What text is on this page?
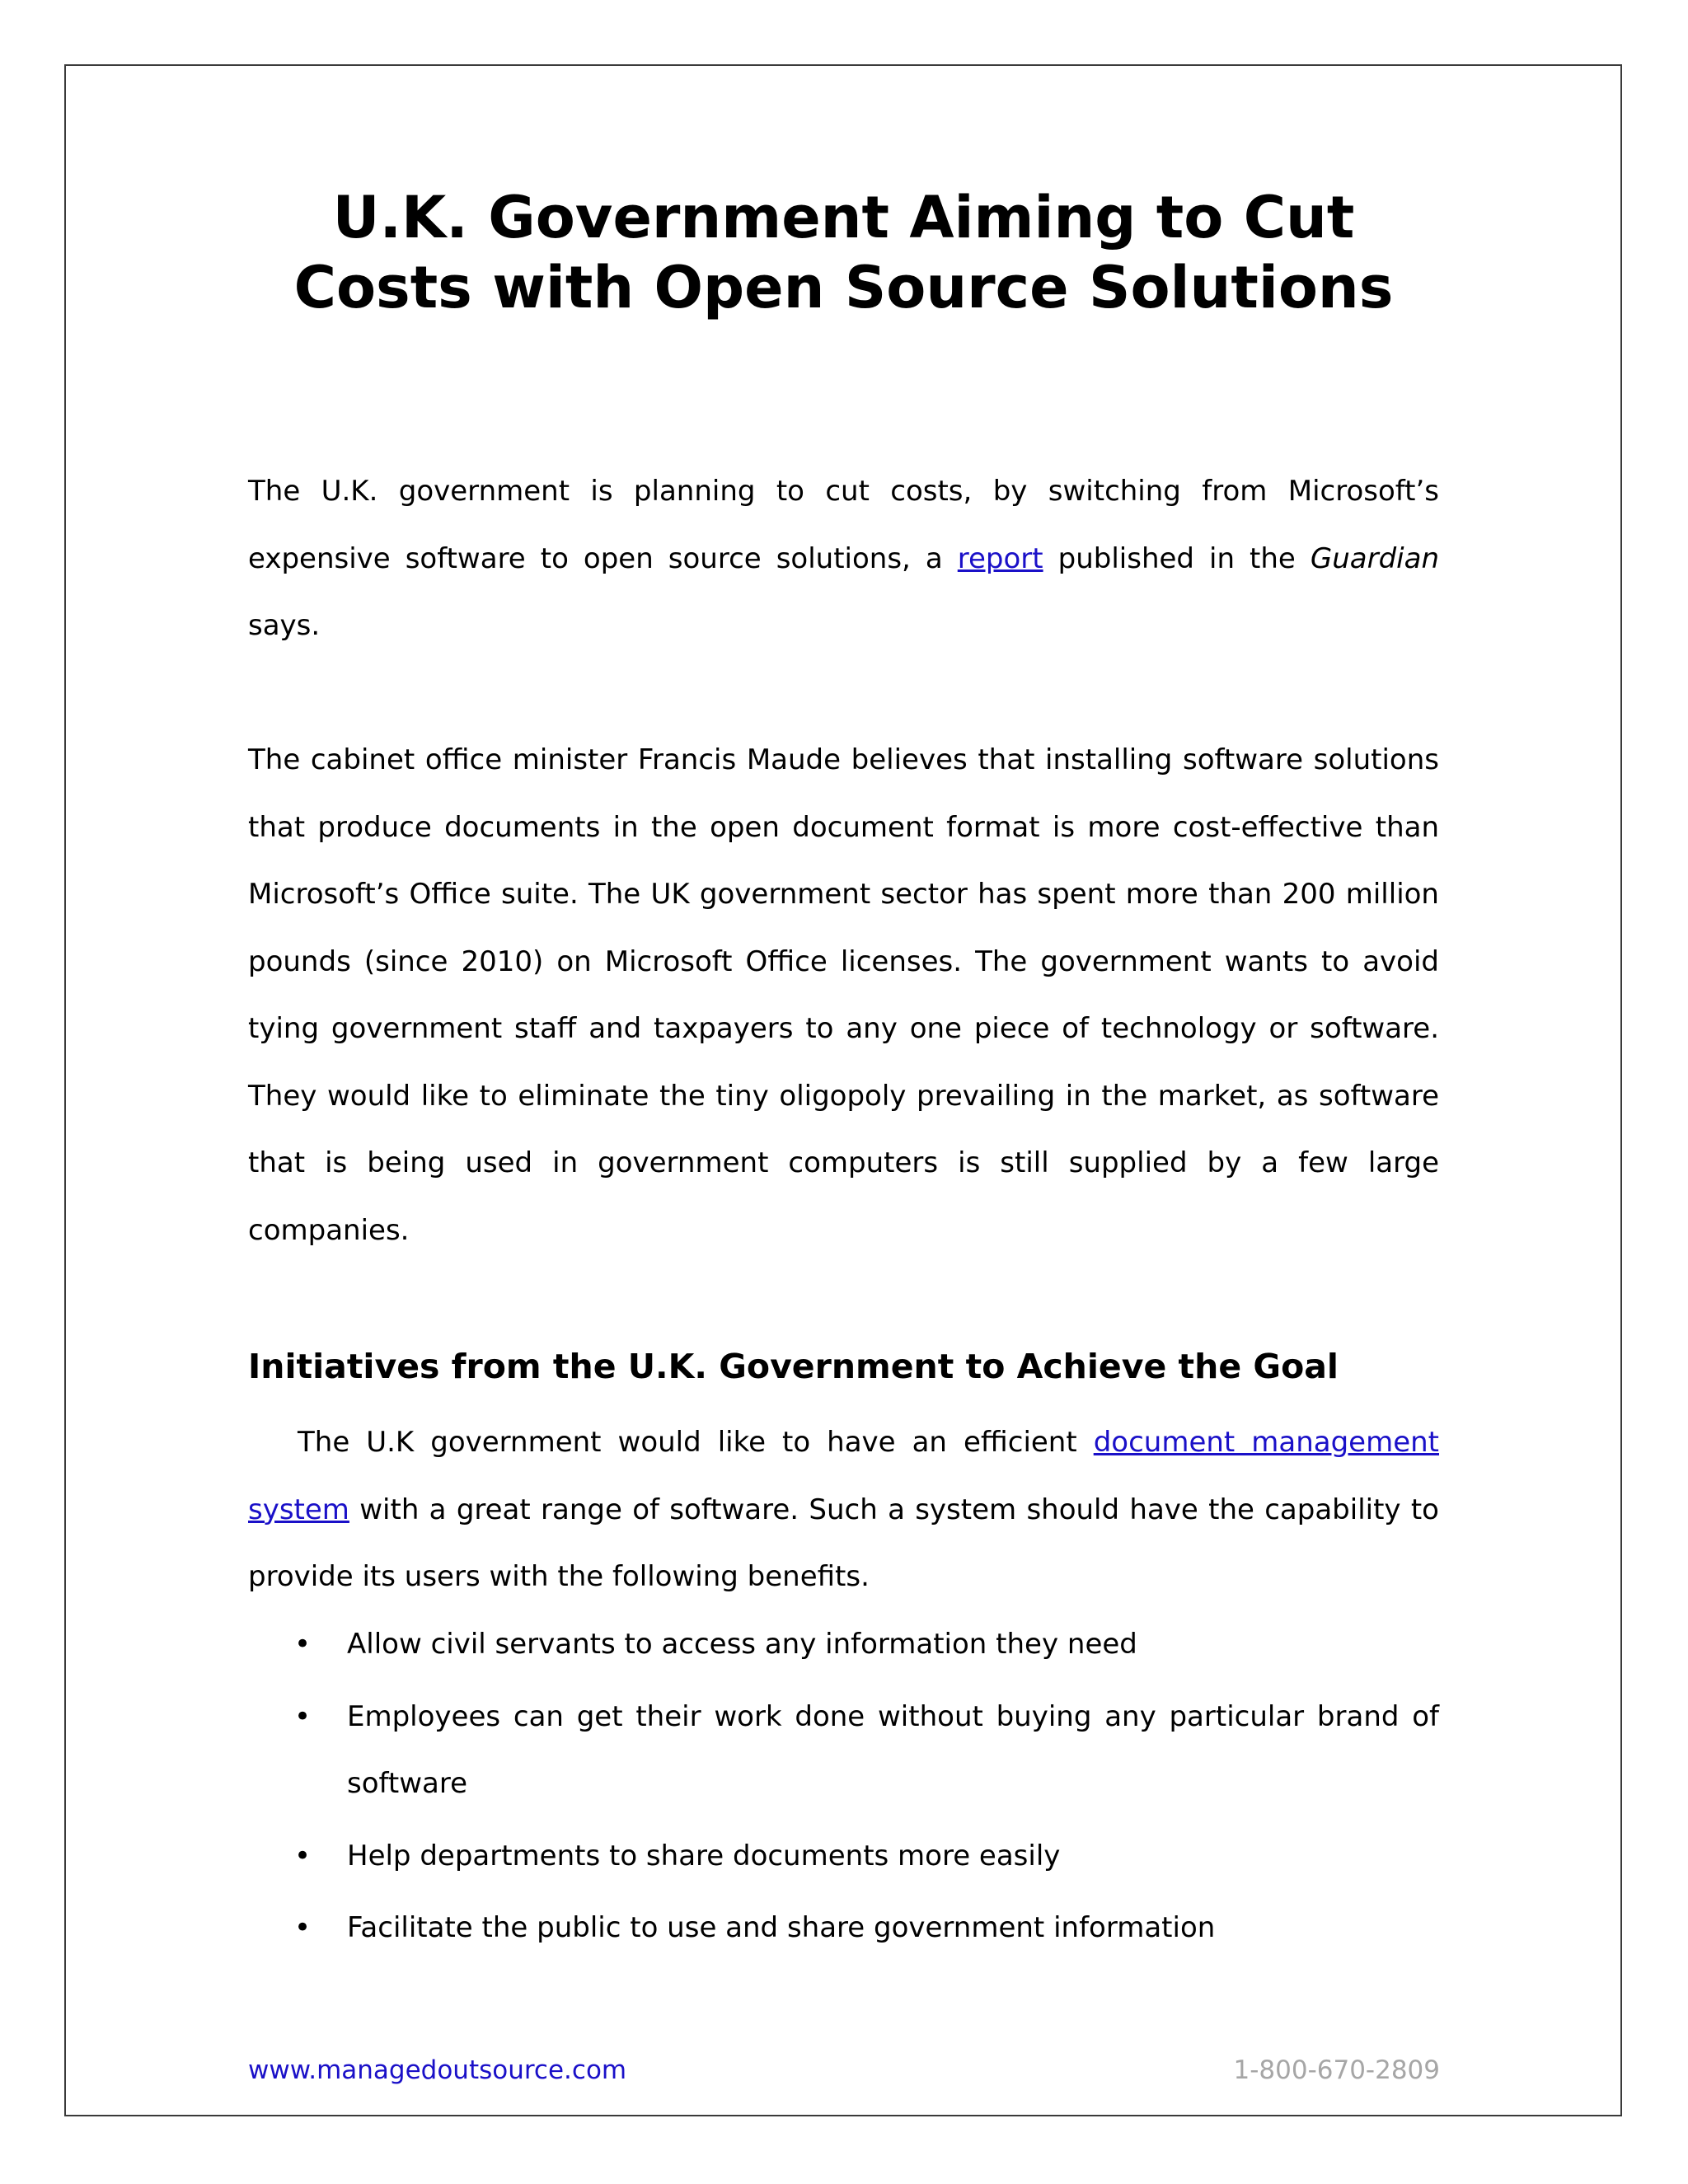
U.K. Government Aiming to Cut
Costs with Open Source Solutions

The U.K. government is planning to cut costs, by switching from Microsoft’s expensive software to open source solutions, a report published in the Guardian says.

The cabinet office minister Francis Maude believes that installing software solutions that produce documents in the open document format is more cost-effective than Microsoft’s Office suite. The UK government sector has spent more than 200 million pounds (since 2010) on Microsoft Office licenses. The government wants to avoid tying government staff and taxpayers to any one piece of technology or software. They would like to eliminate the tiny oligopoly prevailing in the market, as software that is being used in government computers is still supplied by a few large companies.

Initiatives from the U.K. Government to Achieve the Goal

The U.K government would like to have an efficient document management system with a great range of software. Such a system should have the capability to provide its users with the following benefits.

• Allow civil servants to access any information they need
• Employees can get their work done without buying any particular brand of software
• Help departments to share documents more easily
• Facilitate the public to use and share government information
www.managedoutsource.com	1-800-670-2809
